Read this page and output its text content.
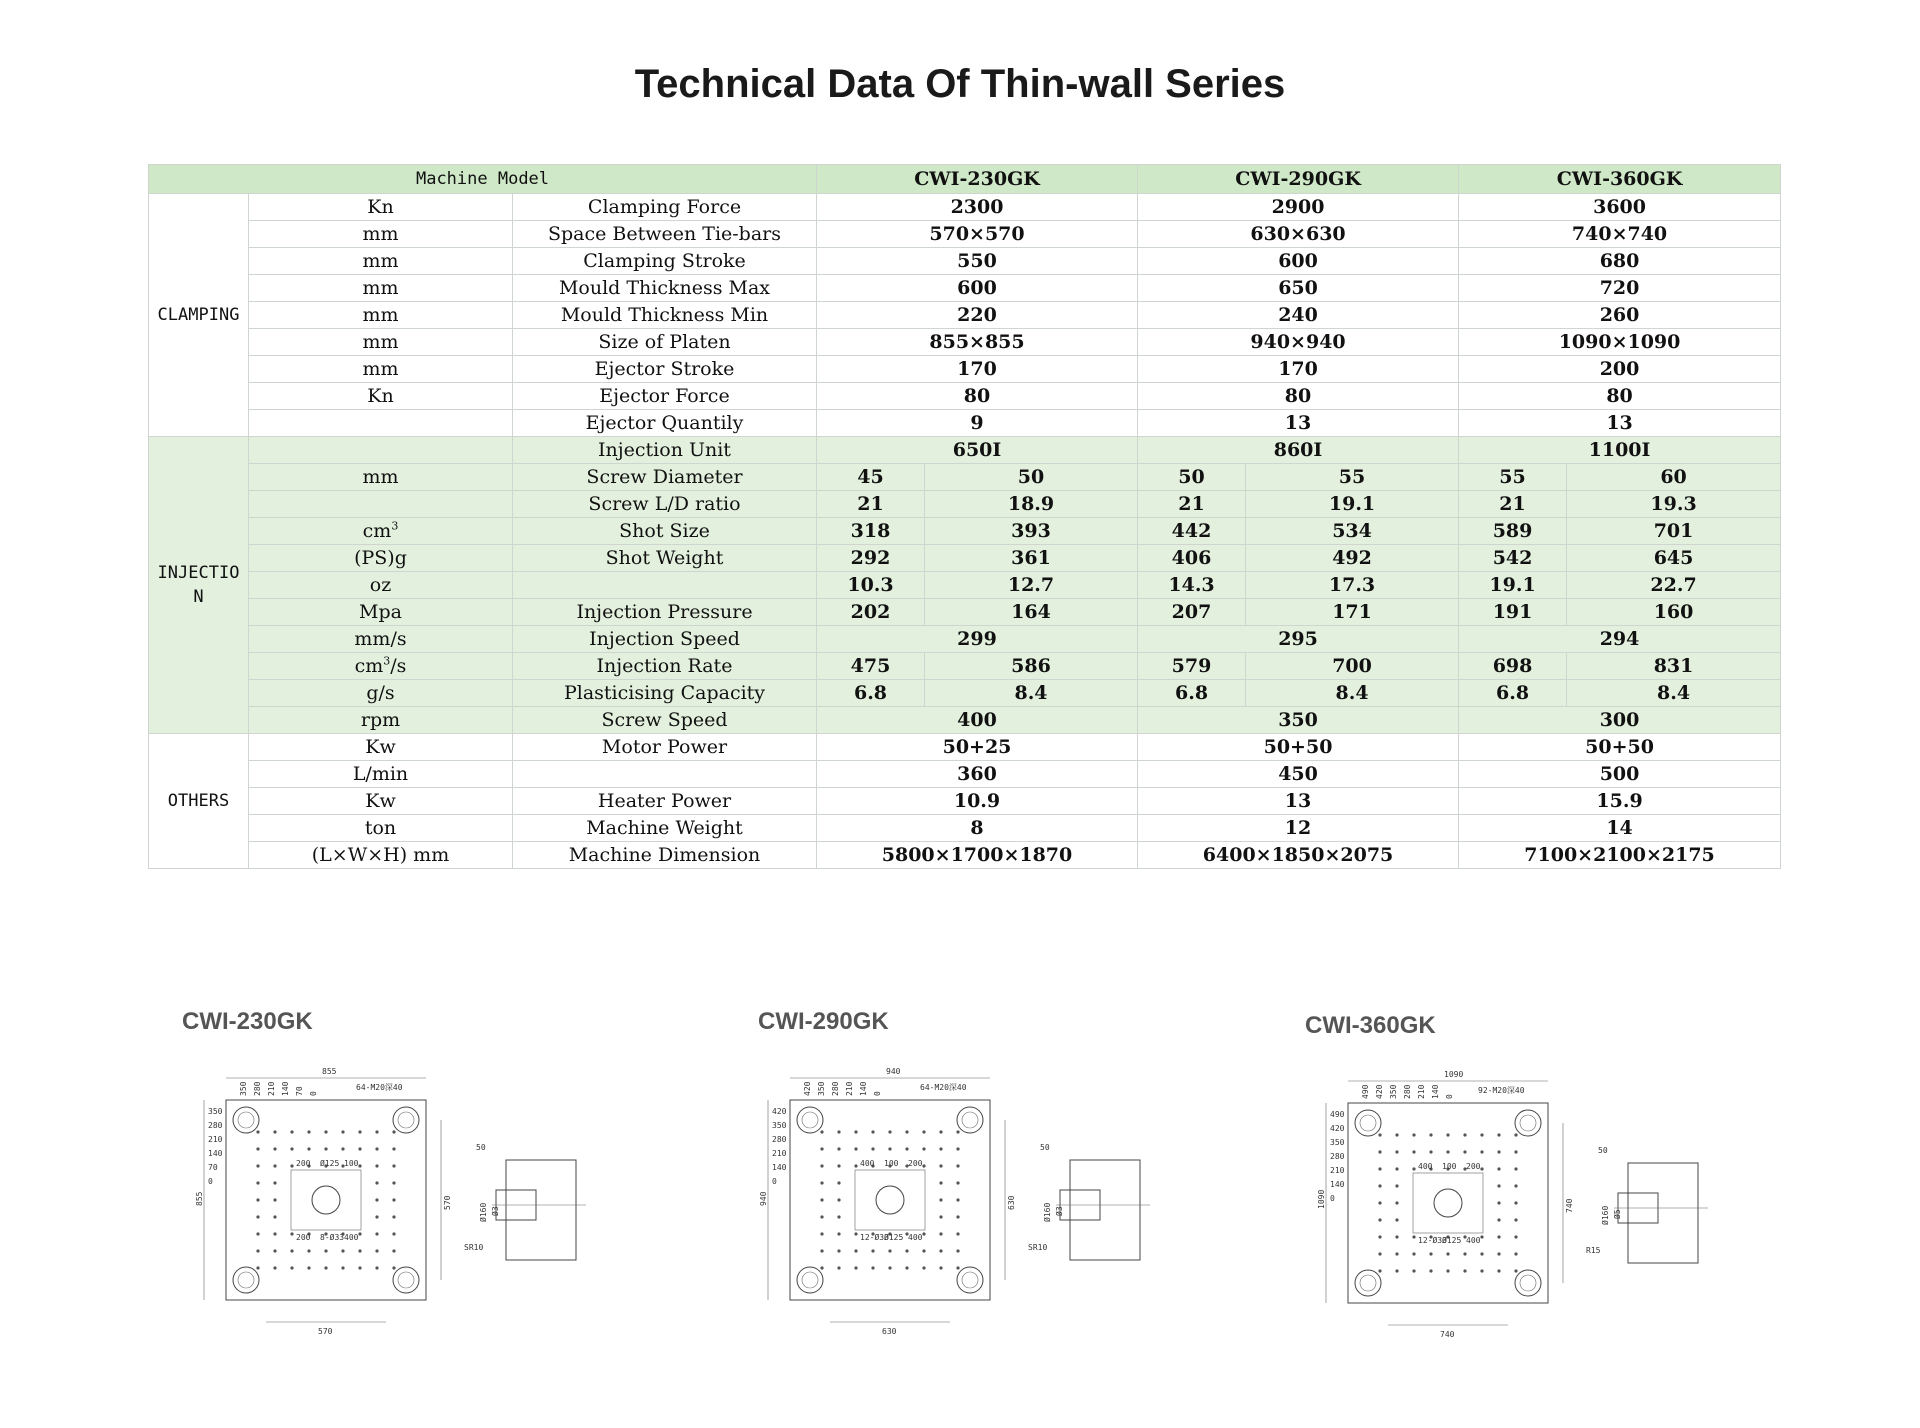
Technical Data Of Thin-wall Series
Machine Model			CWI-230GK		CWI-290GK		CWI-360GK	
CLAMPING	Kn	Clamping Force	2300		2900		3600	
	mm	Space Between Tie-bars	570×570		630×630		740×740	
	mm	Clamping Stroke	550		600		680	
	mm	Mould Thickness Max	600		650		720	
	mm	Mould Thickness Min	220		240		260	
	mm	Size of Platen	855×855		940×940		1090×1090	
	mm	Ejector Stroke	170		170		200	
	Kn	Ejector Force	80		80		80	
		Ejector Quantily	9		13		13	
INJECTIO N		Injection Unit	650I		860I		1100I	
	mm	Screw Diameter	45	50	50	55	55	60
		Screw L/D ratio	21	18.9	21	19.1	21	19.3
	$cm^3$	Shot Size	318	393	442	534	589	701
	(PS)g	Shot Weight	292	361	406	492	542	645
	oz		10.3	12.7	14.3	17.3	19.1	22.7
	Mpa	Injection Pressure	202	164	207	171	191	160
	mm/s	Injection Speed	299		295		294	
	$cm^3/s$	Injection Rate	475	586	579	700	698	831
	g/s	Plasticising Capacity	6.8	8.4	6.8	8.4	6.8	8.4
	rpm	Screw Speed	400		350		300	
OTHERS	Kw	Motor Power	50+25		50+50		50+50	
	L/min		360		450		500	
	Kw	Heater Power	10.9		13		15.9	
	ton	Machine Weight	8		12		14	
	(L×W×H) mm	Machine Dimension	5800×1700×1870		6400×1850×2075		7100×2100×2175	
CWI-230GK
855
855	570
570
350 280 210 140 70 0
350
280
210
140
70
0
64-M20深40
200 Ø125 100
200 8-Ø33 400
50
Ø160 Ø3
SR10
CWI-290GK
940
940	630
630
420 350 280 210 140 0
420
350
280
210
140
0
64-M20深40
400 100 200
12-Ø33
Ø125 400
50
Ø160 Ø3
SR10
CWI-360GK
1090
1090	740
740
490 420 350 280 210 140 0
490
420
350
280
210
140
0
92-M20深40
400 100 200
12-Ø33
Ø125 400
50
Ø160 Ø5
R15
